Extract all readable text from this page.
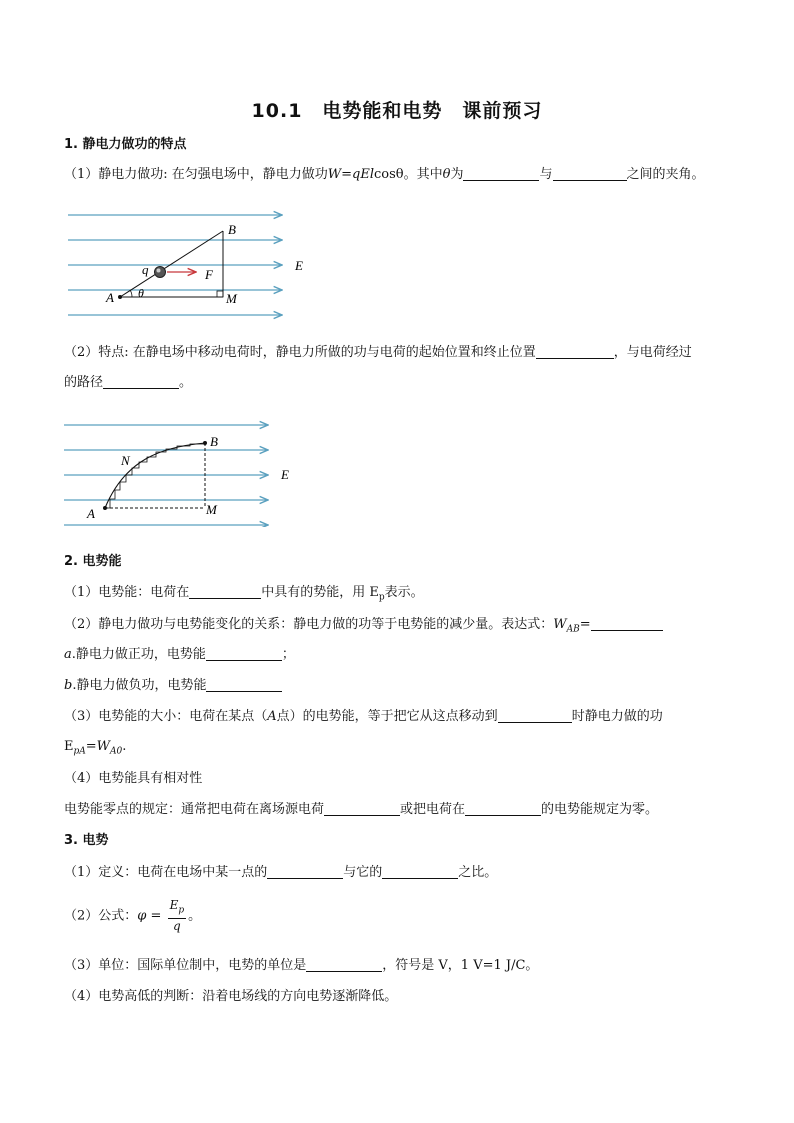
10.1　电势能和电势　课前预习
1. 静电力做功的特点
（1）静电力做功: 在匀强电场中，静电力做功W=qElcosθ。其中θ为	与	之间的夹角。
B
q	F
E
A θ	M
（2）特点: 在静电场中移动电荷时，静电力所做的功与电荷的起始位置和终止位置	，与电荷经过
的路径	。
B
N
E
A	M
2. 电势能
（1）电势能：电荷在	中具有的势能，用 $E_p$表示。
（2）静电力做功与电势能变化的关系：静电力做的功等于电势能的减少量。表达式：$W_{AB}=$
a.静电力做正功，电势能	；
b.静电力做负功，电势能
（3）电势能的大小：电荷在某点（A点）的电势能，等于把它从这点移动到	时静电力做的功
$E_{pA}=W_{A0}$.
（4）电势能具有相对性
电势能零点的规定：通常把电荷在离场源电荷	或把电荷在	的电势能规定为零。
3. 电势
（1）定义：电荷在电场中某一点的	与它的	之比。
（2）公式：$\varphi = \frac{E_p}{q}$ 。
（3）单位：国际单位制中，电势的单位是	，符号是 V，1 V=1 J/C。
（4）电势高低的判断：沿着电场线的方向电势逐渐降低。
